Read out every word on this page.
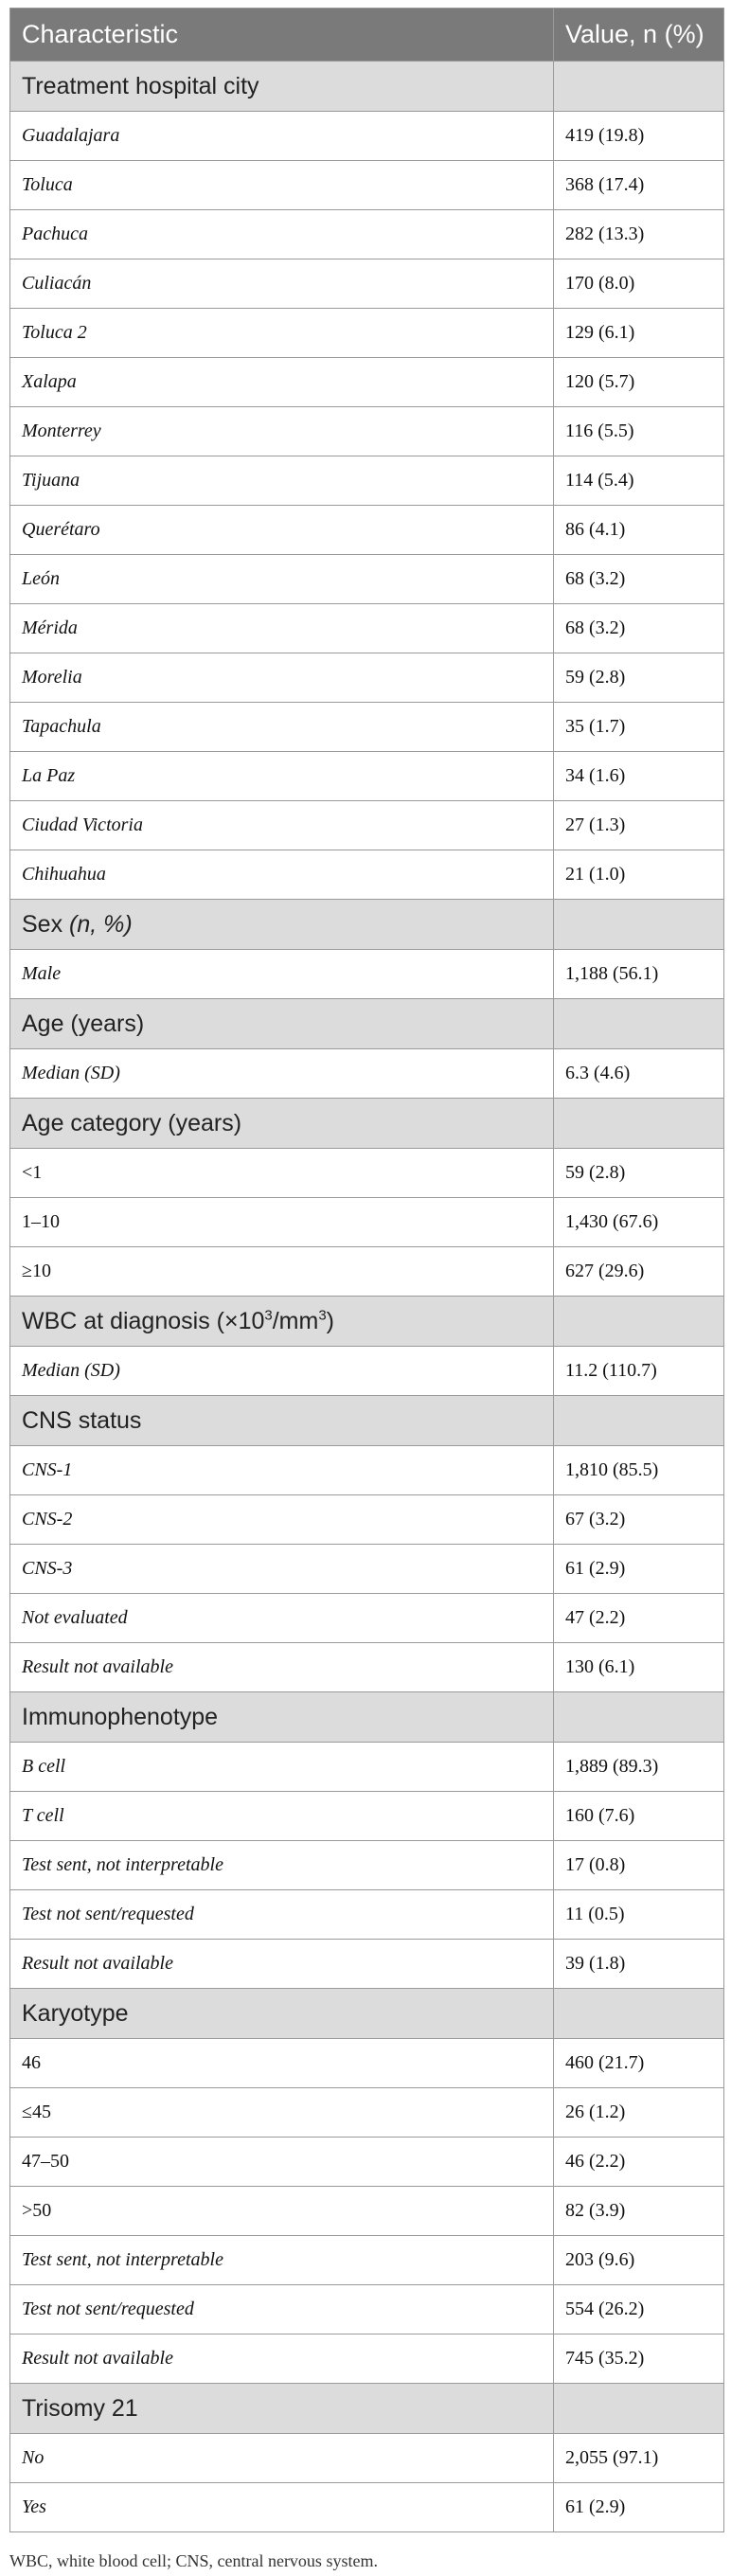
Characteristic	Value, n (%)
Treatment hospital city	
Guadalajara	419 (19.8)
Toluca	368 (17.4)
Pachuca	282 (13.3)
Culiacán	170 (8.0)
Toluca 2	129 (6.1)
Xalapa	120 (5.7)
Monterrey	116 (5.5)
Tijuana	114 (5.4)
Querétaro	86 (4.1)
León	68 (3.2)
Mérida	68 (3.2)
Morelia	59 (2.8)
Tapachula	35 (1.7)
La Paz	34 (1.6)
Ciudad Victoria	27 (1.3)
Chihuahua	21 (1.0)
Sex (n, %)	
Male	1,188 (56.1)
Age (years)	
Median (SD)	6.3 (4.6)
Age category (years)	
<1	59 (2.8)
1–10	1,430 (67.6)
≥10	627 (29.6)
WBC at diagnosis $(\times 10^3/mm^3)$	
Median (SD)	11.2 (110.7)
CNS status	
CNS-1	1,810 (85.5)
CNS-2	67 (3.2)
CNS-3	61 (2.9)
Not evaluated	47 (2.2)
Result not available	130 (6.1)
Immunophenotype	
B cell	1,889 (89.3)
T cell	160 (7.6)
Test sent, not interpretable	17 (0.8)
Test not sent/requested	11 (0.5)
Result not available	39 (1.8)
Karyotype	
46	460 (21.7)
≤45	26 (1.2)
47–50	46 (2.2)
>50	82 (3.9)
Test sent, not interpretable	203 (9.6)
Test not sent/requested	554 (26.2)
Result not available	745 (35.2)
Trisomy 21	
No	2,055 (97.1)
Yes	61 (2.9)
WBC, white blood cell; CNS, central nervous system.
